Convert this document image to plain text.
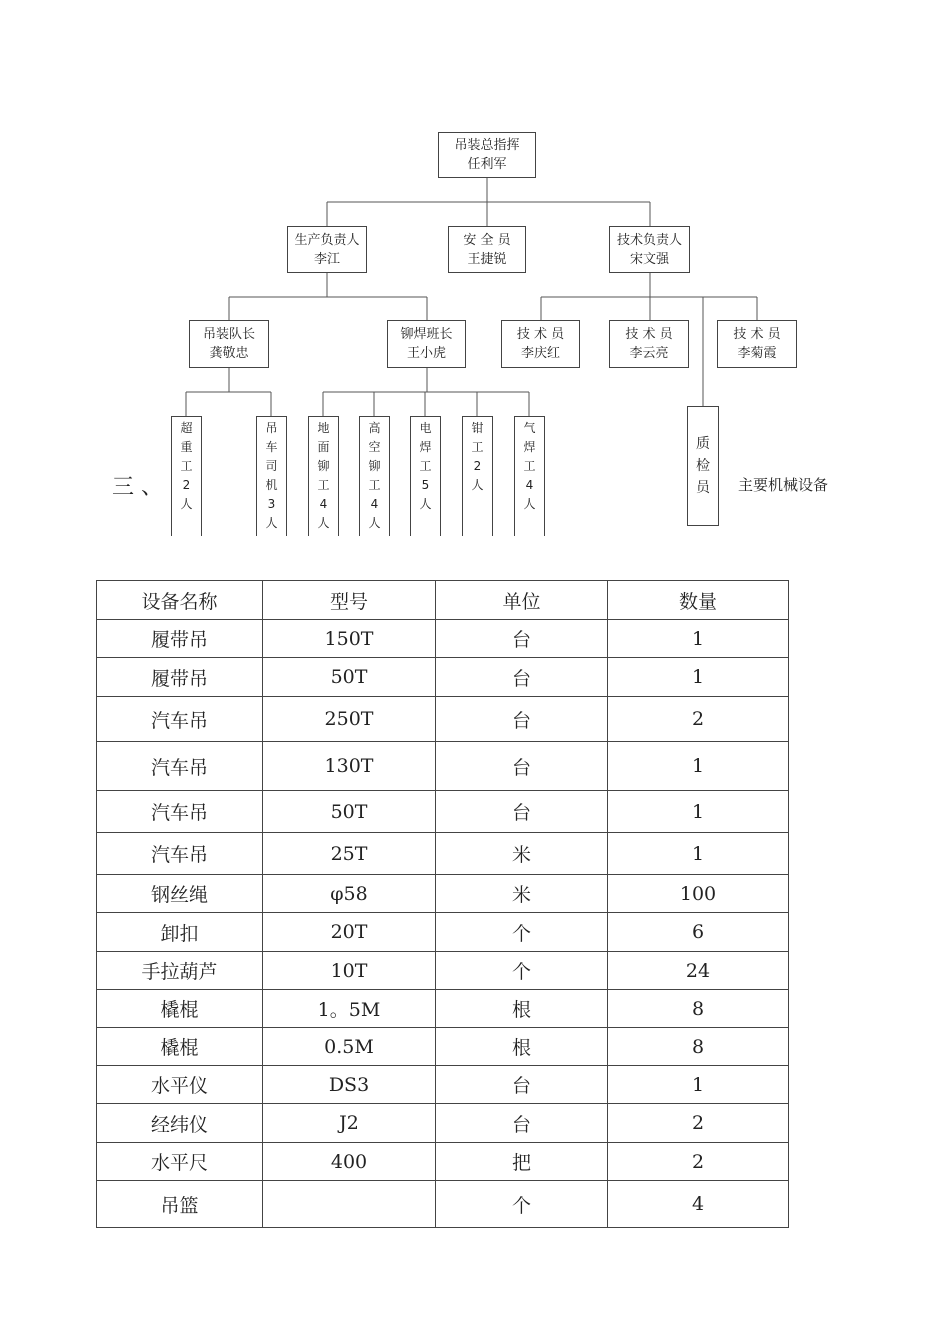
吊装总指挥
任利军
生产负责人
李江
安 全 员
王捷锐
技术负责人
宋文强
吊装队长
龚敬忠
铆焊班长
王小虎
技 术 员
李庆红
技 术 员
李云亮
技 术 员
李菊霞
超重工2人
吊车司机3人
地面铆工4人
高空铆工4人
电焊工5人
钳工2人
气焊工4人
质检员
三 、	主要机械设备
设备名称	型号	单位	数量
履带吊	150T	台	1
履带吊	50T	台	1
汽车吊	250T	台	2
汽车吊	130T	台	1
汽车吊	50T	台	1
汽车吊	25T	米	1
钢丝绳	φ58	米	100
卸扣	20T	个	6
手拉葫芦	10T	个	24
橇棍	1。5M	根	8
橇棍	0.5M	根	8
水平仪	DS3	台	1
经纬仪	J2	台	2
水平尺	400	把	2
吊篮		个	4
